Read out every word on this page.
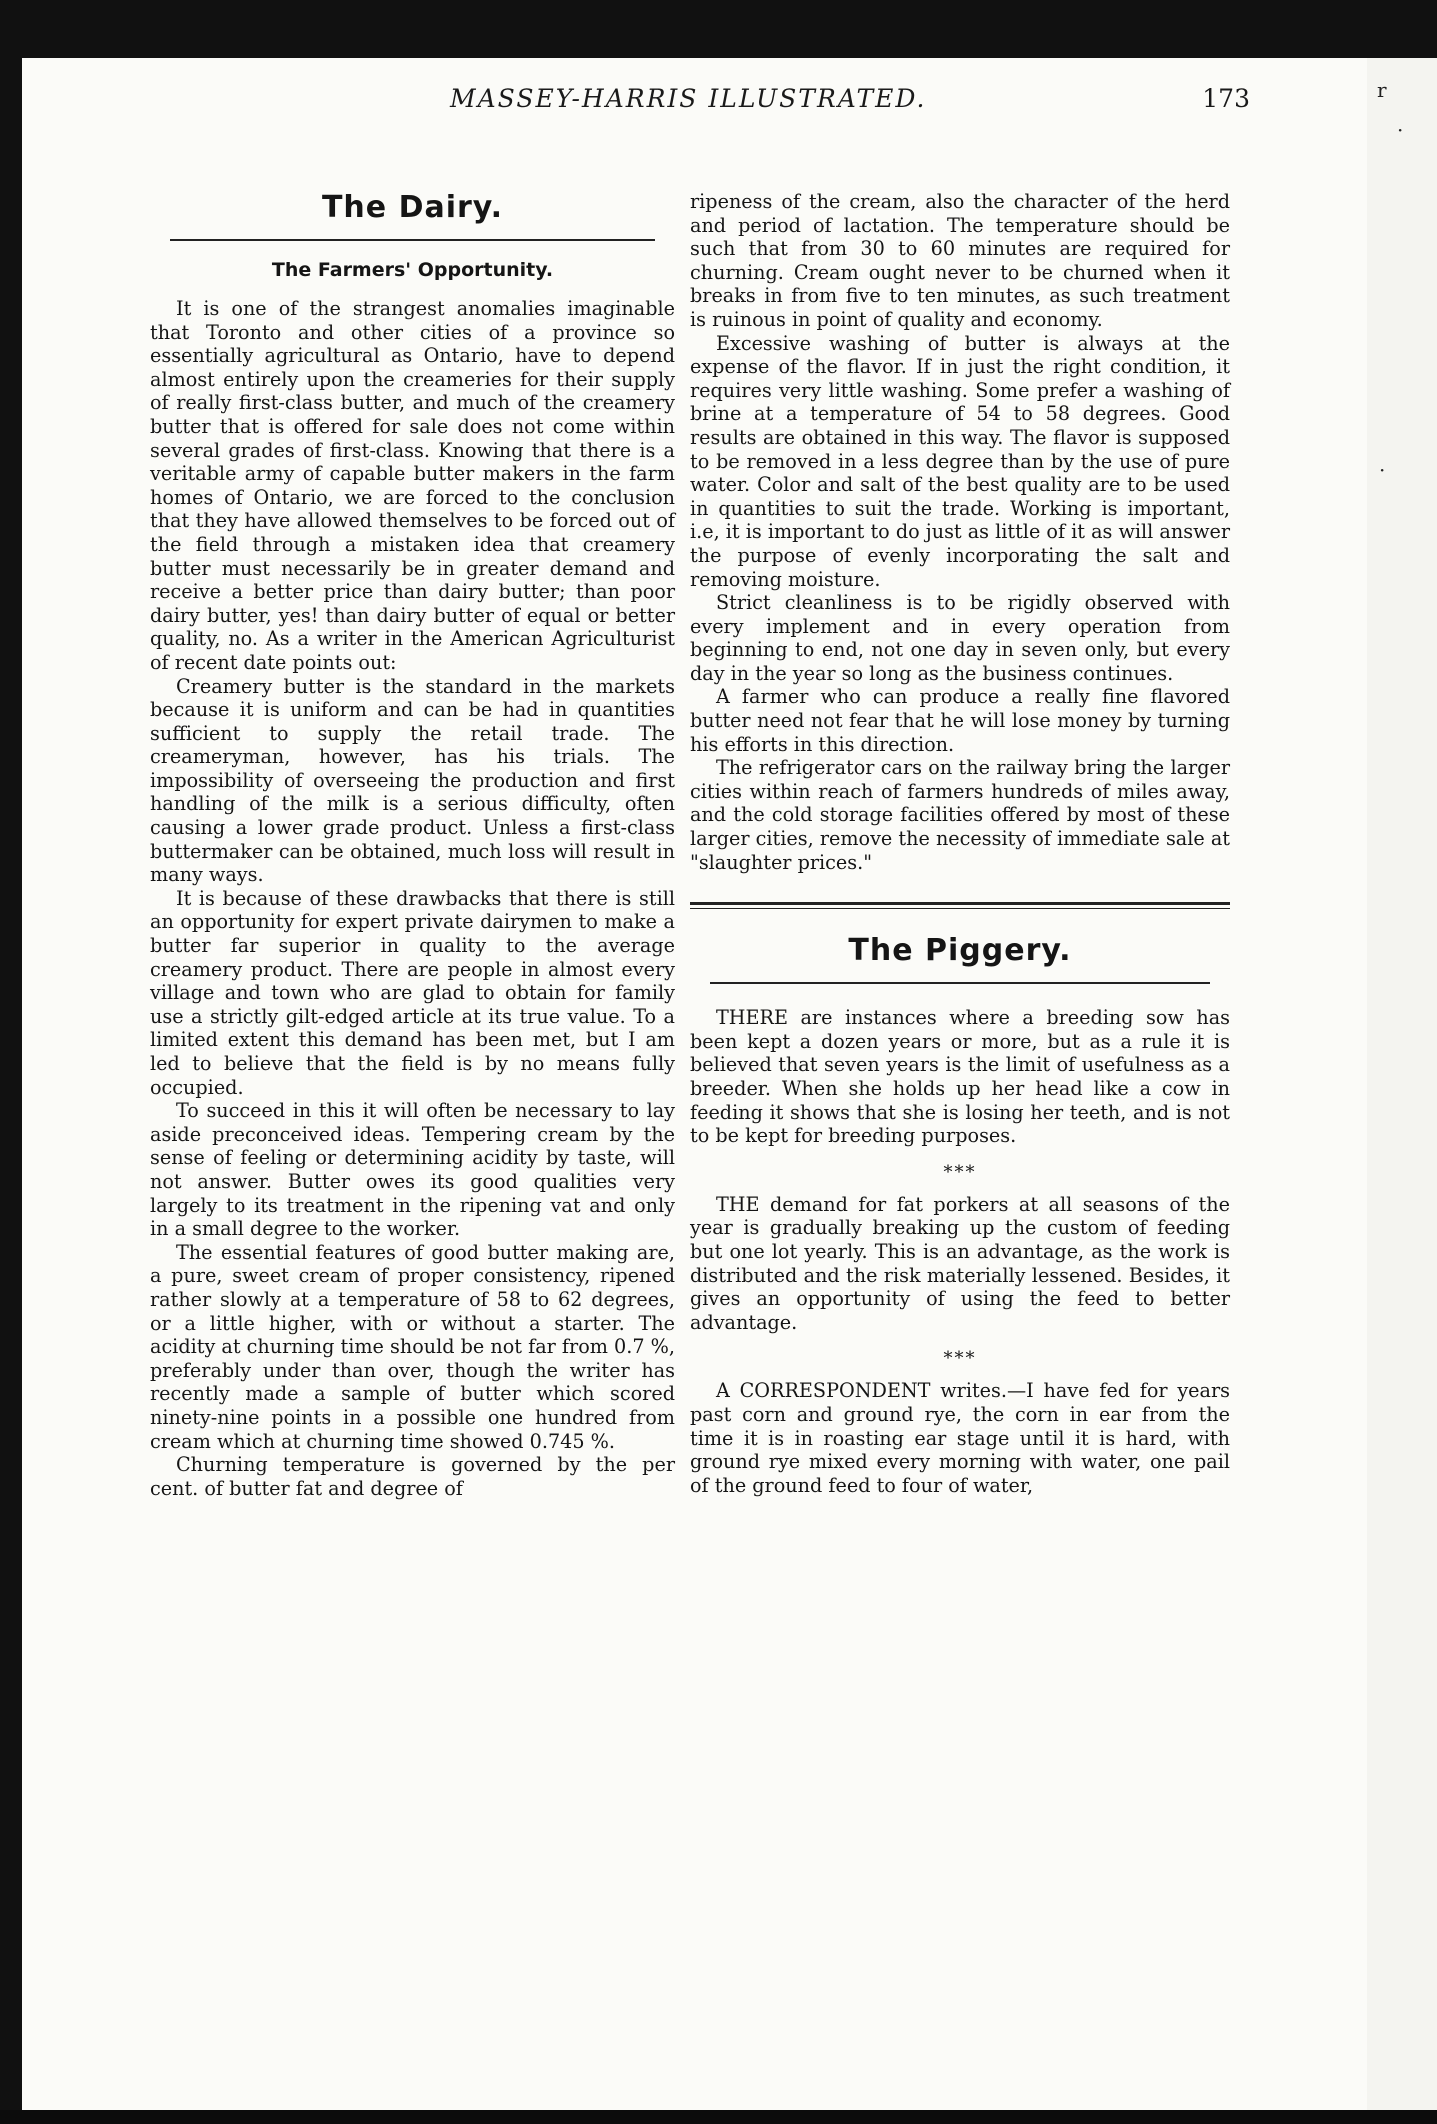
r
·
·
MASSEY-HARRIS ILLUSTRATED.	173
The Dairy.
The Farmers' Opportunity.

It is one of the strangest anomalies imaginable that Toronto and other cities of a province so essentially agricultural as Ontario, have to depend almost entirely upon the creameries for their supply of really first-class butter, and much of the creamery butter that is offered for sale does not come within several grades of first-class. Knowing that there is a veritable army of capable butter makers in the farm homes of Ontario, we are forced to the conclusion that they have allowed themselves to be forced out of the field through a mistaken idea that creamery butter must necessarily be in greater demand and receive a better price than dairy butter; than poor dairy butter, yes! than dairy butter of equal or better quality, no. As a writer in the American Agriculturist of recent date points out:

Creamery butter is the standard in the markets because it is uniform and can be had in quantities sufficient to supply the retail trade. The creameryman, however, has his trials. The impossibility of overseeing the production and first handling of the milk is a serious difficulty, often causing a lower grade product. Unless a first-class buttermaker can be obtained, much loss will result in many ways.

It is because of these drawbacks that there is still an opportunity for expert private dairymen to make a butter far superior in quality to the average creamery product. There are people in almost every village and town who are glad to obtain for family use a strictly gilt-edged article at its true value. To a limited extent this demand has been met, but I am led to believe that the field is by no means fully occupied.

To succeed in this it will often be necessary to lay aside preconceived ideas. Tempering cream by the sense of feeling or determining acidity by taste, will not answer. Butter owes its good qualities very largely to its treatment in the ripening vat and only in a small degree to the worker.

The essential features of good butter making are, a pure, sweet cream of proper consistency, ripened rather slowly at a temperature of 58 to 62 degrees, or a little higher, with or without a starter. The acidity at churning time should be not far from 0.7 %, preferably under than over, though the writer has recently made a sample of butter which scored ninety-nine points in a possible one hundred from cream which at churning time showed 0.745 %.

Churning temperature is governed by the per cent. of butter fat and degree of

ripeness of the cream, also the character of the herd and period of lactation. The temperature should be such that from 30 to 60 minutes are required for churning. Cream ought never to be churned when it breaks in from five to ten minutes, as such treatment is ruinous in point of quality and economy.

Excessive washing of butter is always at the expense of the flavor. If in just the right condition, it requires very little washing. Some prefer a washing of brine at a temperature of 54 to 58 degrees. Good results are obtained in this way. The flavor is supposed to be removed in a less degree than by the use of pure water. Color and salt of the best quality are to be used in quantities to suit the trade. Working is important, i.e, it is important to do just as little of it as will answer the purpose of evenly incorporating the salt and removing moisture.

Strict cleanliness is to be rigidly observed with every implement and in every operation from beginning to end, not one day in seven only, but every day in the year so long as the business continues.

A farmer who can produce a really fine flavored butter need not fear that he will lose money by turning his efforts in this direction.

The refrigerator cars on the railway bring the larger cities within reach of farmers hundreds of miles away, and the cold storage facilities offered by most of these larger cities, remove the necessity of immediate sale at "slaughter prices."

The Piggery.

THERE are instances where a breeding sow has been kept a dozen years or more, but as a rule it is believed that seven years is the limit of usefulness as a breeder. When she holds up her head like a cow in feeding it shows that she is losing her teeth, and is not to be kept for breeding purposes.

***

THE demand for fat porkers at all seasons of the year is gradually breaking up the custom of feeding but one lot yearly. This is an advantage, as the work is distributed and the risk materially lessened. Besides, it gives an opportunity of using the feed to better advantage.

***

A CORRESPONDENT writes.—I have fed for years past corn and ground rye, the corn in ear from the time it is in roasting ear stage until it is hard, with ground rye mixed every morning with water, one pail of the ground feed to four of water,
